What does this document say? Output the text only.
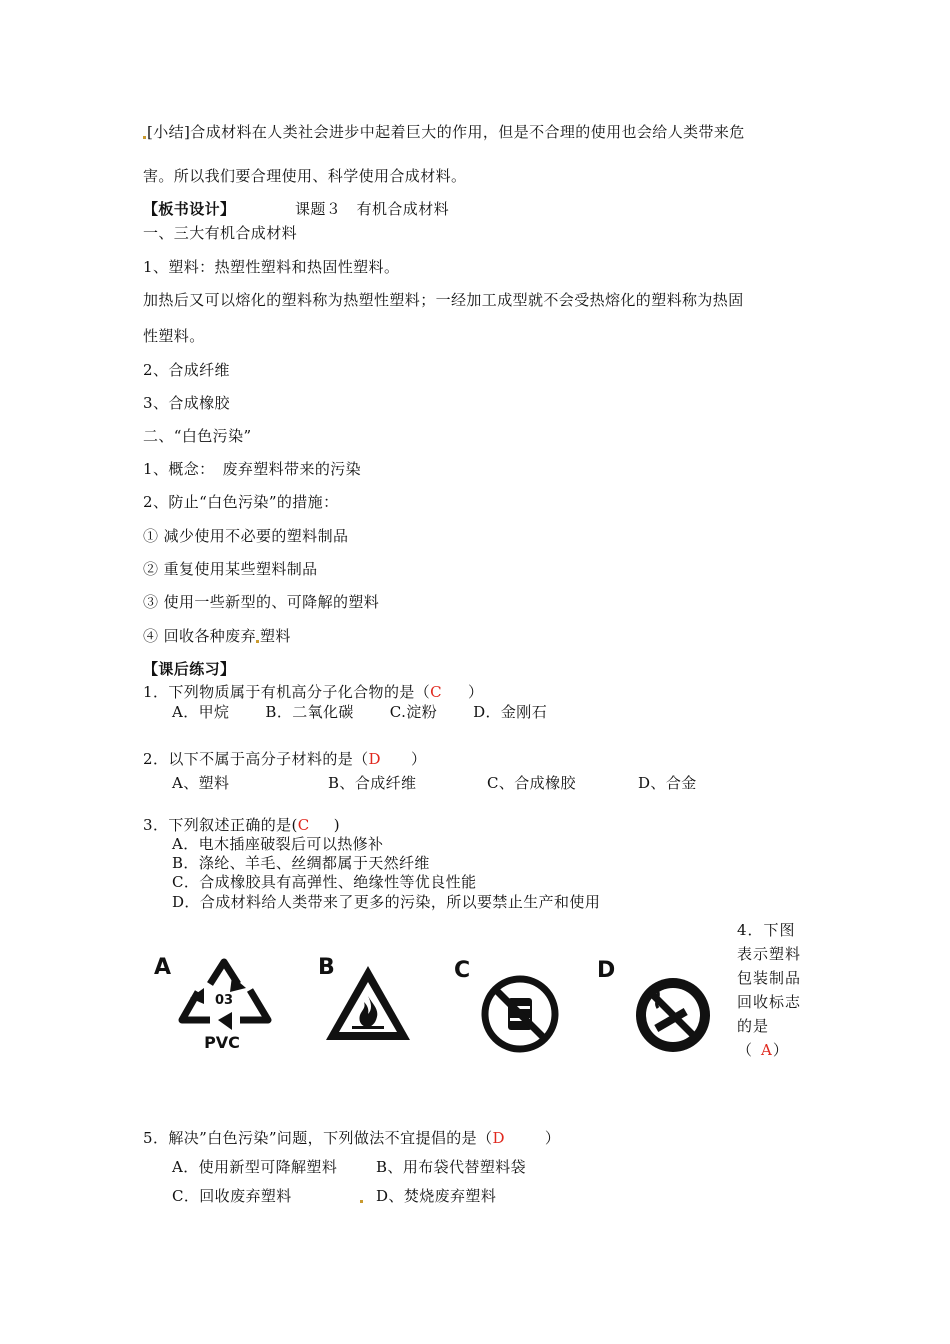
[小结]合成材料在人类社会进步中起着巨大的作用，但是不合理的使用也会给人类带来危
害。所以我们要合理使用、科学使用合成材料。
【板书设计】	课题３　有机合成材料
一、三大有机合成材料
1、塑料：热塑性塑料和热固性塑料。
加热后又可以熔化的塑料称为热塑性塑料；一经加工成型就不会受热熔化的塑料称为热固
性塑料。
2、合成纤维
3、合成橡胶
二、“白色污染”
1、概念：　废弃塑料带来的污染
2、防止“白色污染”的措施：
① 减少使用不必要的塑料制品
② 重复使用某些塑料制品
③ 使用一些新型的、可降解的塑料
④ 回收各种废弃 塑料
【课后练习】
1．下列物质属于有机高分子化合物的是（C ）
A．甲烷　　 B．二氧化碳　　 C.淀粉　　 D．金刚石
2．以下不属于高分子材料的是（D ）
A、塑料	B、合成纤维	C、合成橡胶	D、合金
3．下列叙述正确的是(C )
A．电木插座破裂后可以热修补
B．涤纶、羊毛、丝绸都属于天然纤维
C．合成橡胶具有高弹性、绝缘性等优良性能
D．合成材料给人类带来了更多的污染，所以要禁止生产和使用
4．下图表示塑料包装制品回收标志的是（ A）
A	B	C	D
03
PVC
5．解决”白色污染”问题，下列做法不宜提倡的是（D	）
A．使用新型可降解塑料	B、用布袋代替塑料袋
C．回收废弃塑料	D、焚烧废弃塑料
